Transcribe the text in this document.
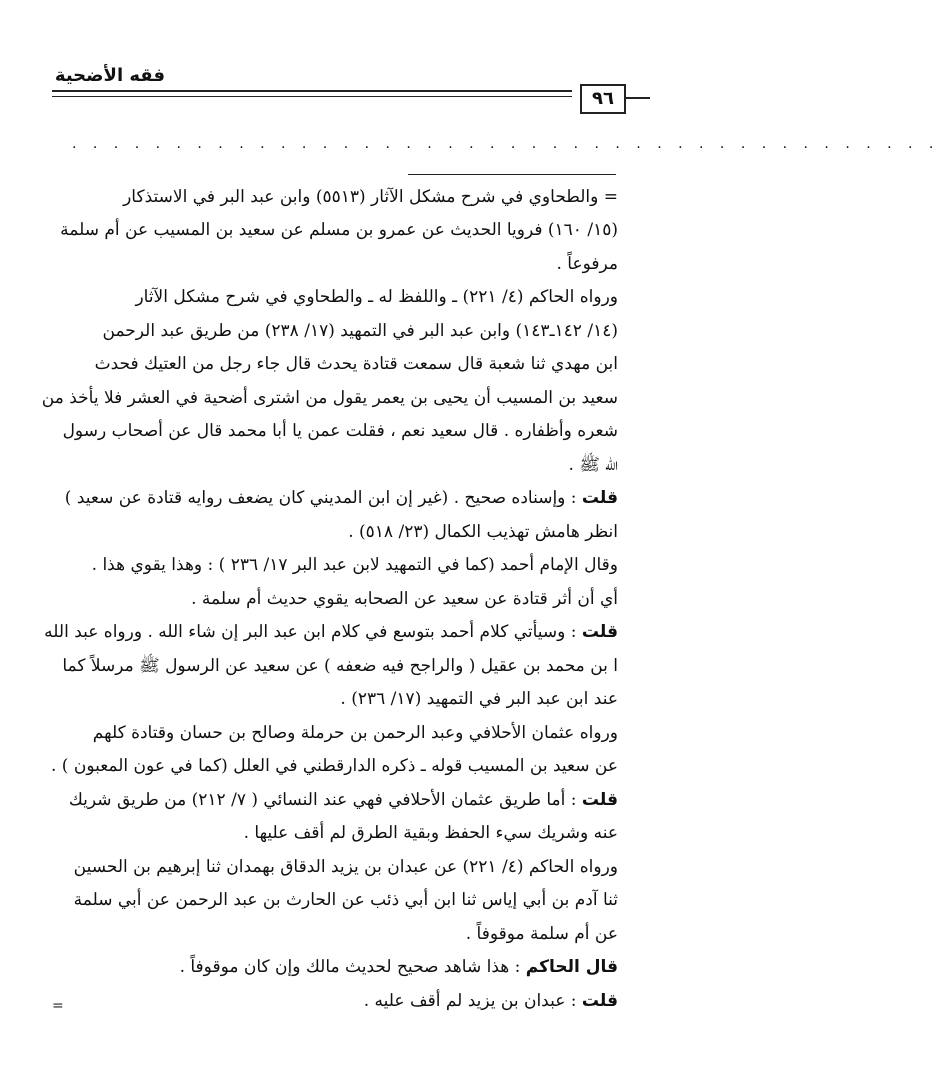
فقه الأضحية
٩٦
. . . . . . . . . . . . . . . . . . . . . . . . . . . . . . . . . . . . . . . . . .
= والطحاوي في شرح مشكل الآثار (٥٥١٣) وابن عبد البر في الاستذكار
(١٥/ ١٦٠) فرويا الحديث عن عمرو بن مسلم عن سعيد بن المسيب عن أم سلمة
مرفوعاً .
ورواه الحاكم (٤/ ٢٢١) ـ واللفظ له ـ والطحاوي في شرح مشكل الآثار
(١٤/ ١٤٢ـ١٤٣) وابن عبد البر في التمهيد (١٧/ ٢٣٨) من طريق عبد الرحمن
ابن مهدي ثنا شعبة قال سمعت قتادة يحدث قال جاء رجل من العتيك فحدث
سعيد بن المسيب أن يحيى بن يعمر يقول من اشترى أضحية في العشر فلا يأخذ من
شعره وأظفاره . قال سعيد نعم ، فقلت عمن يا أبا محمد قال عن أصحاب رسول
الله ﷺ .
قلت : وإسناده صحيح . (غير إن ابن المديني كان يضعف روايه قتادة عن سعيد )
انظر هامش تهذيب الكمال (٢٣/ ٥١٨) .
وقال الإمام أحمد (كما في التمهيد لابن عبد البر ١٧/ ٢٣٦ ) : وهذا يقوي هذا .
أي أن أثر قتادة عن سعيد عن الصحابه يقوي حديث أم سلمة .
قلت : وسيأتي كلام أحمد بتوسع في كلام ابن عبد البر إن شاء الله . ورواه عبد الله
ا بن محمد بن عقيل ( والراجح فيه ضعفه ) عن سعيد عن الرسول ﷺ مرسلاً كما
عند ابن عبد البر في التمهيد (١٧/ ٢٣٦) .
ورواه عثمان الأحلافي وعبد الرحمن بن حرملة وصالح بن حسان وقتادة كلهم
عن سعيد بن المسيب قوله ـ ذكره الدارقطني في العلل (كما في عون المعبون ) .
قلت : أما طريق عثمان الأحلافي فهي عند النسائي ( ٧/ ٢١٢) من طريق شريك
عنه وشريك سيء الحفظ وبقية الطرق لم أقف عليها .
ورواه الحاكم (٤/ ٢٢١) عن عبدان بن يزيد الدقاق بهمدان ثنا إبرهيم بن الحسين
ثنا آدم بن أبي إياس ثنا ابن أبي ذئب عن الحارث بن عبد الرحمن عن أبي سلمة
عن أم سلمة موقوفاً .
قال الحاكم : هذا شاهد صحيح لحديث مالك وإن كان موقوفاً .
قلت : عبدان بن يزيد لم أقف عليه .
=
